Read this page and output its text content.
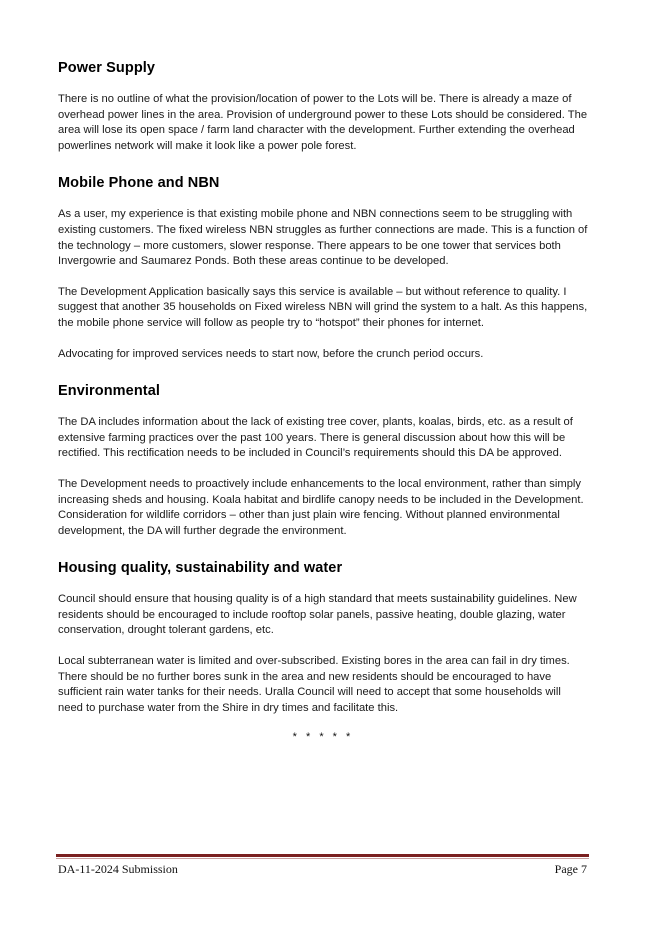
Power Supply

There is no outline of what the provision/location of power to the Lots will be. There is already a maze of overhead power lines in the area. Provision of underground power to these Lots should be considered. The area will lose its open space / farm land character with the development. Further extending the overhead powerlines network will make it look like a power pole forest.

Mobile Phone and NBN

As a user, my experience is that existing mobile phone and NBN connections seem to be struggling with existing customers. The fixed wireless NBN struggles as further connections are made. This is a function of the technology – more customers, slower response. There appears to be one tower that services both Invergowrie and Saumarez Ponds. Both these areas continue to be developed.

The Development Application basically says this service is available – but without reference to quality. I suggest that another 35 households on Fixed wireless NBN will grind the system to a halt. As this happens, the mobile phone service will follow as people try to “hotspot” their phones for internet.

Advocating for improved services needs to start now, before the crunch period occurs.

Environmental

The DA includes information about the lack of existing tree cover, plants, koalas, birds, etc. as a result of extensive farming practices over the past 100 years. There is general discussion about how this will be rectified. This rectification needs to be included in Council’s requirements should this DA be approved.

The Development needs to proactively include enhancements to the local environment, rather than simply increasing sheds and housing. Koala habitat and birdlife canopy needs to be included in the Development. Consideration for wildlife corridors – other than just plain wire fencing. Without planned environmental development, the DA will further degrade the environment.

Housing quality, sustainability and water

Council should ensure that housing quality is of a high standard that meets sustainability guidelines. New residents should be encouraged to include rooftop solar panels, passive heating, double glazing, water conservation, drought tolerant gardens, etc.

Local subterranean water is limited and over-subscribed. Existing bores in the area can fail in dry times. There should be no further bores sunk in the area and new residents should be encouraged to have sufficient rain water tanks for their needs. Uralla Council will need to accept that some households will need to purchase water from the Shire in dry times and facilitate this.

* * * * *
DA-11-2024 Submission	Page 7
